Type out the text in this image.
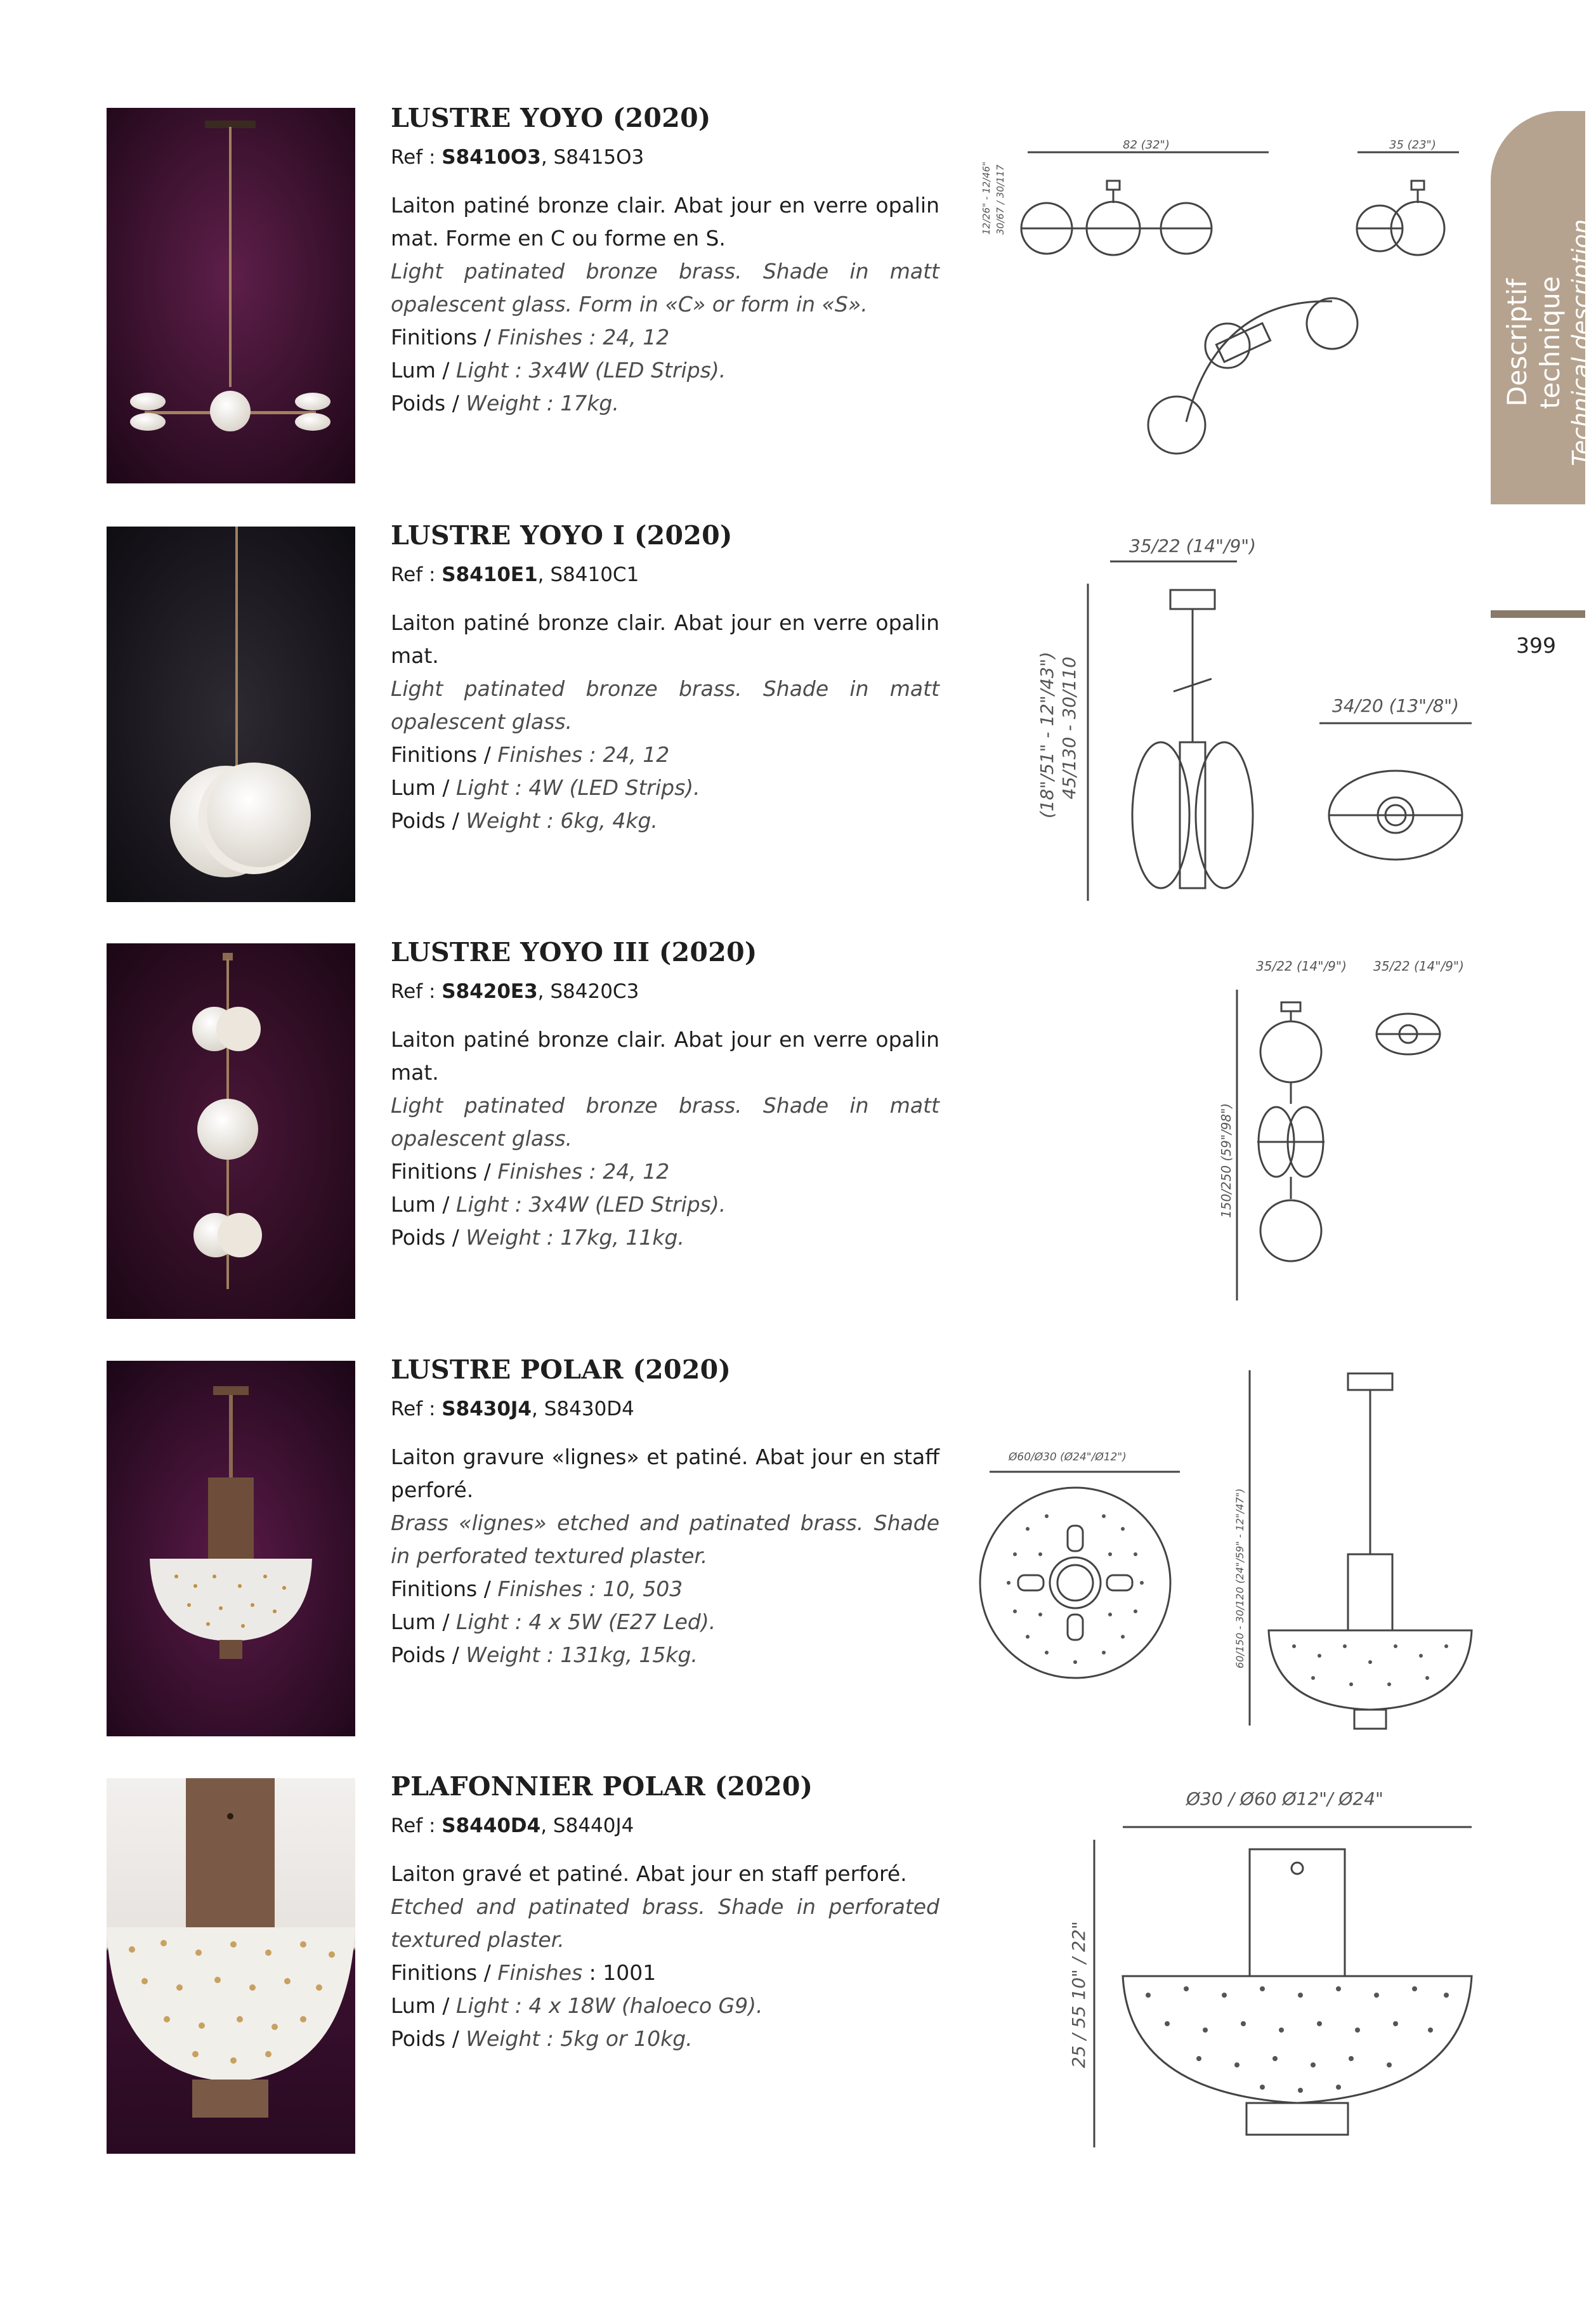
Descriptif technique Technical description
399
LUSTRE YOYO (2020)
Ref : S8410O3, S8415O3
Laiton patiné bronze clair. Abat jour en verre opalin mat. Forme en C ou forme en S.
Light patinated bronze brass. Shade in matt opalescent glass. Form in «C» or form in «S».
Finitions / Finishes : 24, 12
Lum / Light : 3x4W (LED Strips).
Poids / Weight : 17kg.
82 (32")	35 (23")
12/26" - 12/46" 30/67 / 30/117
LUSTRE YOYO I (2020)
Ref : S8410E1, S8410C1
Laiton patiné bronze clair. Abat jour en verre opalin mat.
Light patinated bronze brass. Shade in matt opalescent glass.
Finitions / Finishes : 24, 12
Lum / Light : 4W (LED Strips).
Poids / Weight : 6kg, 4kg.
35/22 (14"/9")
34/20 (13"/8")
45/130 - 30/110
(18"/51" - 12"/43")
LUSTRE YOYO III (2020)
Ref : S8420E3, S8420C3
Laiton patiné bronze clair. Abat jour en verre opalin mat.
Light patinated bronze brass. Shade in matt opalescent glass.
Finitions / Finishes : 24, 12
Lum / Light : 3x4W (LED Strips).
Poids / Weight : 17kg, 11kg.
35/22 (14"/9") 35/22 (14"/9")
150/250 (59"/98")
LUSTRE POLAR (2020)
Ref : S8430J4, S8430D4
Laiton gravure «lignes» et patiné. Abat jour en staff perforé.
Brass «lignes» etched and patinated brass. Shade in perforated textured plaster.
Finitions / Finishes : 10, 503
Lum / Light : 4 x 5W (E27 Led).
Poids / Weight : 131kg, 15kg.
Ø60/Ø30 (Ø24"/Ø12")
60/150 - 30/120 (24"/59" - 12"/47")
PLAFONNIER POLAR (2020)
Ref : S8440D4, S8440J4
Laiton gravé et patiné. Abat jour en staff perforé.
Etched and patinated brass. Shade in perforated textured plaster.
Finitions / Finishes : 1001
Lum / Light : 4 x 18W (haloeco G9).
Poids / Weight : 5kg or 10kg.
Ø30 / Ø60 Ø12"/ Ø24"
25 / 55 10" / 22"
